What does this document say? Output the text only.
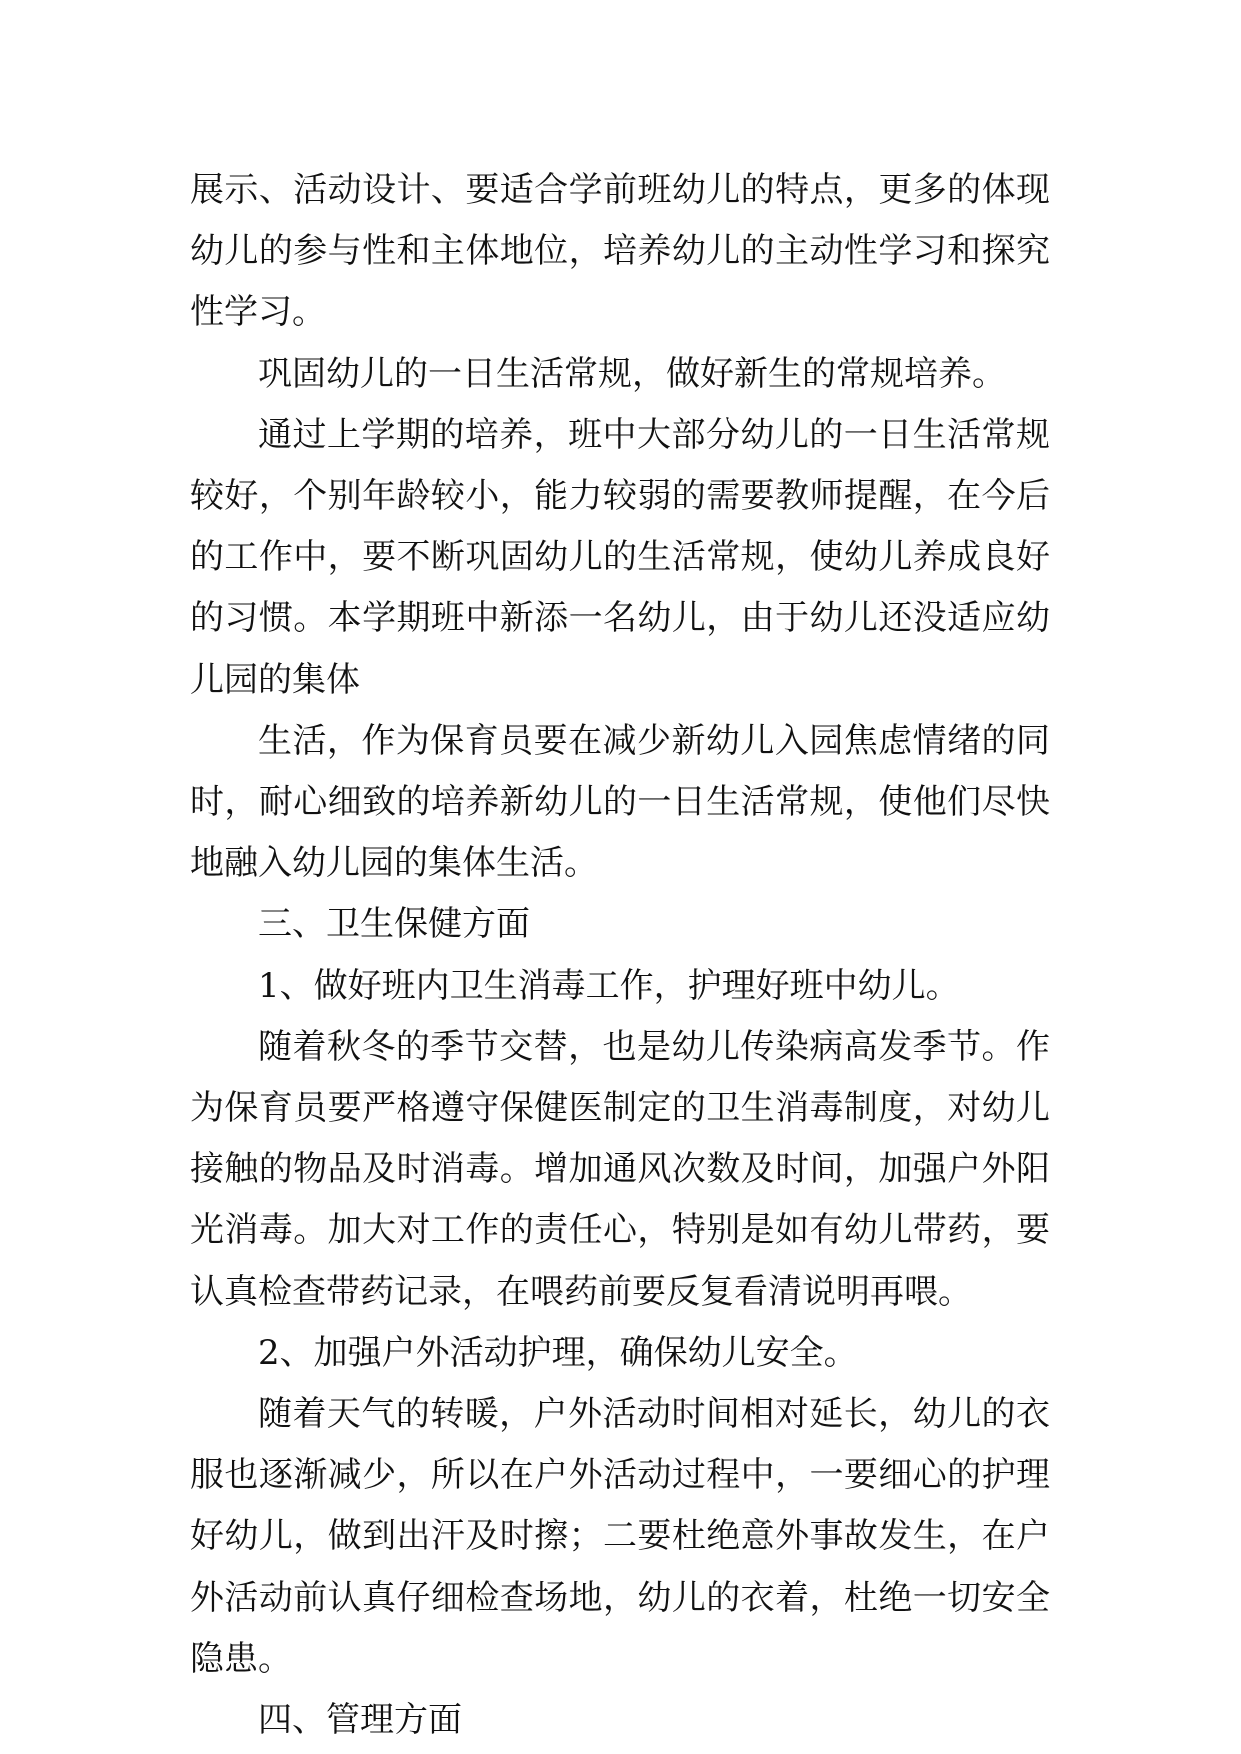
展示、活动设计、要适合学前班幼儿的特点，更多的体现幼儿的参与性和主体地位，培养幼儿的主动性学习和探究性学习。

巩固幼儿的一日生活常规，做好新生的常规培养。

通过上学期的培养，班中大部分幼儿的一日生活常规较好，个别年龄较小，能力较弱的需要教师提醒，在今后的工作中，要不断巩固幼儿的生活常规，使幼儿养成良好的习惯。本学期班中新添一名幼儿，由于幼儿还没适应幼儿园的集体

生活，作为保育员要在减少新幼儿入园焦虑情绪的同时，耐心细致的培养新幼儿的一日生活常规，使他们尽快地融入幼儿园的集体生活。

三、卫生保健方面

1、做好班内卫生消毒工作，护理好班中幼儿。

随着秋冬的季节交替，也是幼儿传染病高发季节。作为保育员要严格遵守保健医制定的卫生消毒制度，对幼儿接触的物品及时消毒。增加通风次数及时间，加强户外阳光消毒。加大对工作的责任心，特别是如有幼儿带药，要认真检查带药记录，在喂药前要反复看清说明再喂。

2、加强户外活动护理，确保幼儿安全。

随着天气的转暖，户外活动时间相对延长，幼儿的衣服也逐渐减少，所以在户外活动过程中，一要细心的护理好幼儿，做到出汗及时擦；二要杜绝意外事故发生，在户外活动前认真仔细检查场地，幼儿的衣着，杜绝一切安全隐患。

四、管理方面
